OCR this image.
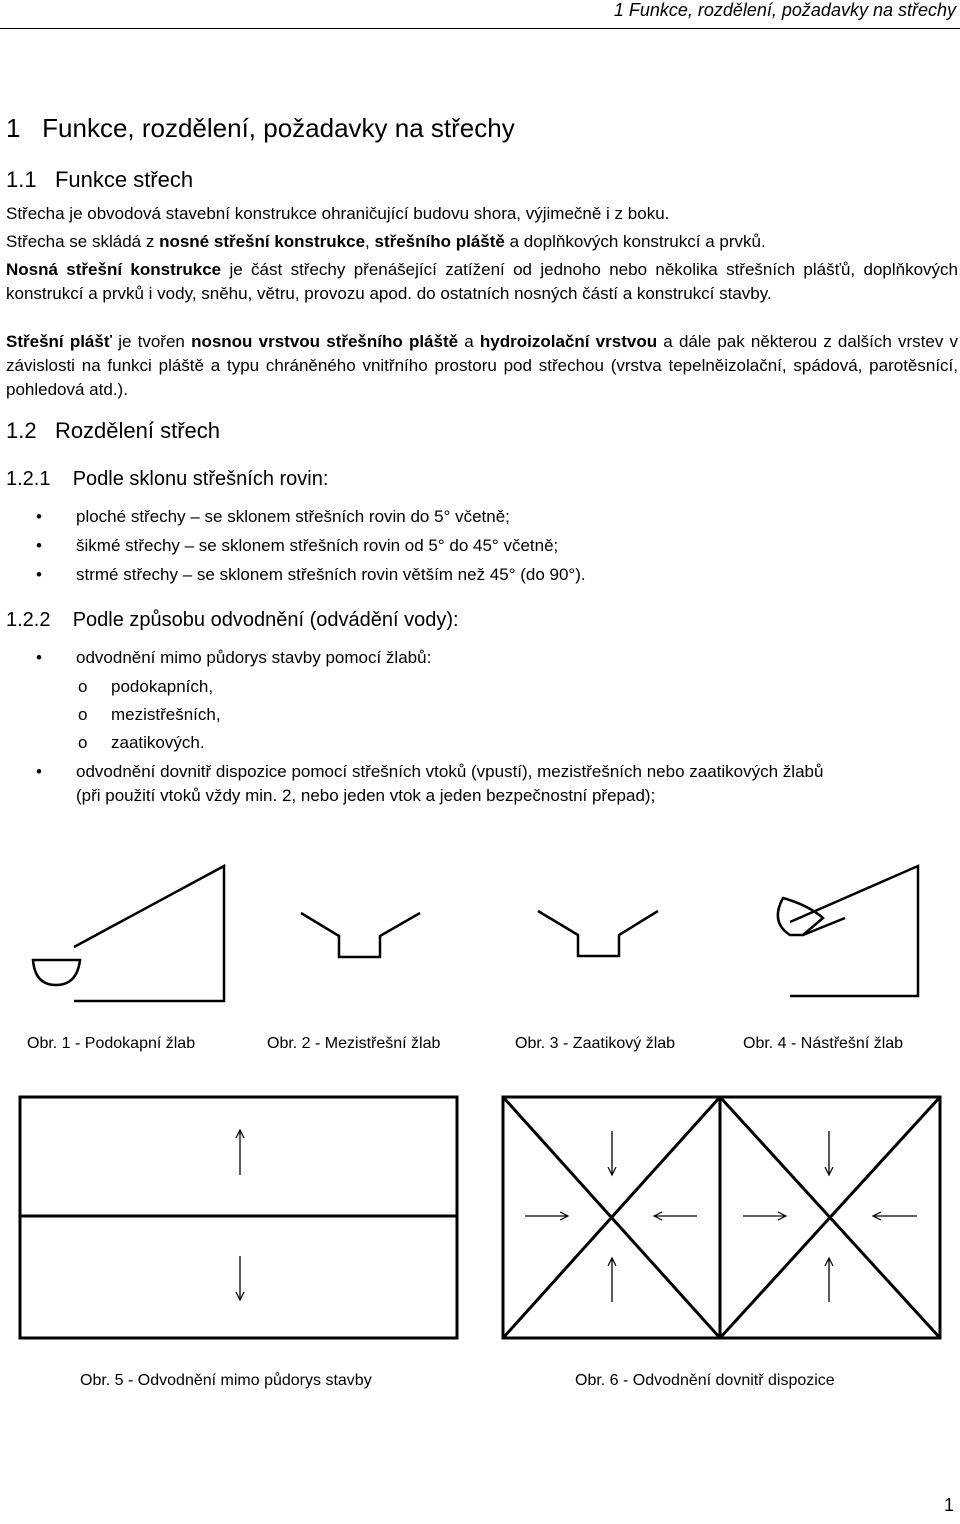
1 Funkce, rozdělení, požadavky na střechy
1 Funkce, rozdělení, požadavky na střechy
1.1 Funkce střech
Střecha je obvodová stavební konstrukce ohraničující budovu shora, výjimečně i z boku.
Střecha se skládá z nosné střešní konstrukce, střešního pláště a doplňkových konstrukcí a prvků.
Nosná střešní konstrukce je část střechy přenášející zatížení od jednoho nebo několika střešních plášťů, doplňkových konstrukcí a prvků i vody, sněhu, větru, provozu apod. do ostatních nosných částí a konstrukcí stavby.
Střešní plášť je tvořen nosnou vrstvou střešního pláště a hydroizolační vrstvou a dále pak některou z dalších vrstev v závislosti na funkci pláště a typu chráněného vnitřního prostoru pod střechou (vrstva tepelněizolační, spádová, parotěsnící, pohledová atd.).
1.2 Rozdělení střech
1.2.1 Podle sklonu střešních rovin:
• ploché střechy – se sklonem střešních rovin do 5° včetně;
• šikmé střechy – se sklonem střešních rovin od 5° do 45° včetně;
• strmé střechy – se sklonem střešních rovin větším než 45° (do 90°).
1.2.2 Podle způsobu odvodnění (odvádění vody):
• odvodnění mimo půdorys stavby pomocí žlabů:
o podokapních,
o mezistřešních,
o zaatikových.
• odvodnění dovnitř dispozice pomocí střešních vtoků (vpustí), mezistřešních nebo zaatikových žlabů
(při použití vtoků vždy min. 2, nebo jeden vtok a jeden bezpečnostní přepad);
Obr. 1 - Podokapní žlab	Obr. 2 - Mezistřešní žlab	Obr. 3 - Zaatikový žlab	Obr. 4 - Nástřešní žlab
Obr. 5 - Odvodnění mimo půdorys stavby	Obr. 6 - Odvodnění dovnitř dispozice
1
